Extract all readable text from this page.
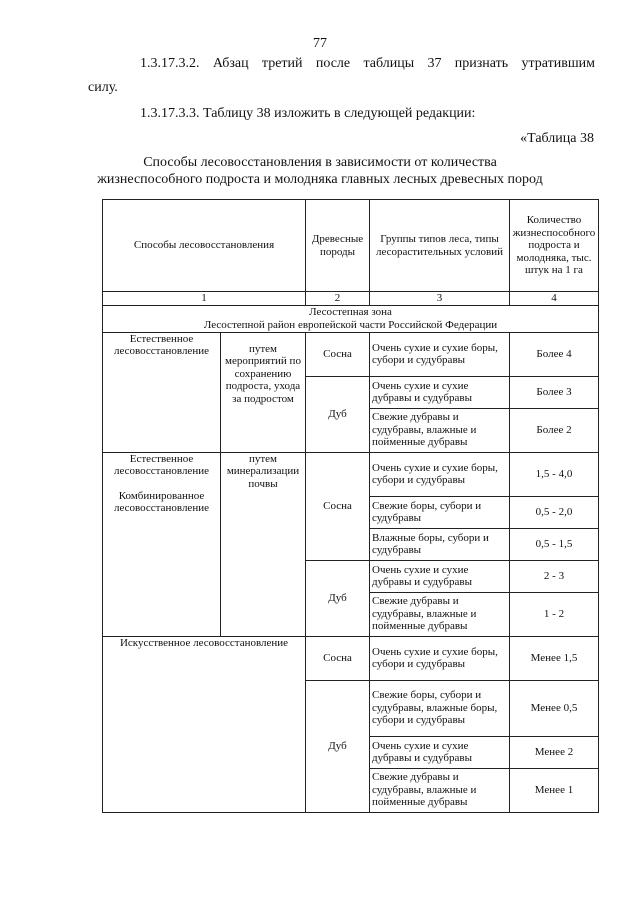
77
1.3.17.3.2. Абзац третий после таблицы 37 признать утратившим
силу.
1.3.17.3.3. Таблицу 38 изложить в следующей редакции:
«Таблица 38
Способы лесовосстановления в зависимости от количества
жизнеспособного подроста и молодняка главных лесных древесных пород
Способы лесовосстановления		Древесные породы	Группы типов леса, типы лесорастительных условий	Количество жизнеспособного подроста и молодняка, тыс. штук на 1 га
1		2	3	4

Лесостепная зона
Лесостепной район европейской части Российской Федерации				

Естественное лесовосстановление	путем мероприятий по сохранению подроста, ухода за подростом	Сосна	Очень сухие и сухие боры, субори и судубравы	Более 4
		Дуб	Очень сухие и сухие дубравы и судубравы	Более 3
			Свежие дубравы и судубравы, влажные и пойменные дубравы	Более 2

Естественное лесовосстановление
Комбинированное лесовосстановление	путем минерализации почвы	Сосна	Очень сухие и сухие боры, субори и судубравы	1,5 - 4,0
			Свежие боры, субори и судубравы	0,5 - 2,0
			Влажные боры, субори и судубравы	0,5 - 1,5
		Дуб	Очень сухие и сухие дубравы и судубравы	2 - 3
			Свежие дубравы и судубравы, влажные и пойменные дубравы	1 - 2
Искусственное лесовосстановление		Сосна	Очень сухие и сухие боры, субори и судубравы	Менее 1,5
		Дуб	Свежие боры, субори и судубравы, влажные боры, субори и судубравы	Менее 0,5
			Очень сухие и сухие дубравы и судубравы	Менее 2
			Свежие дубравы и судубравы, влажные и пойменные дубравы	Менее 1
